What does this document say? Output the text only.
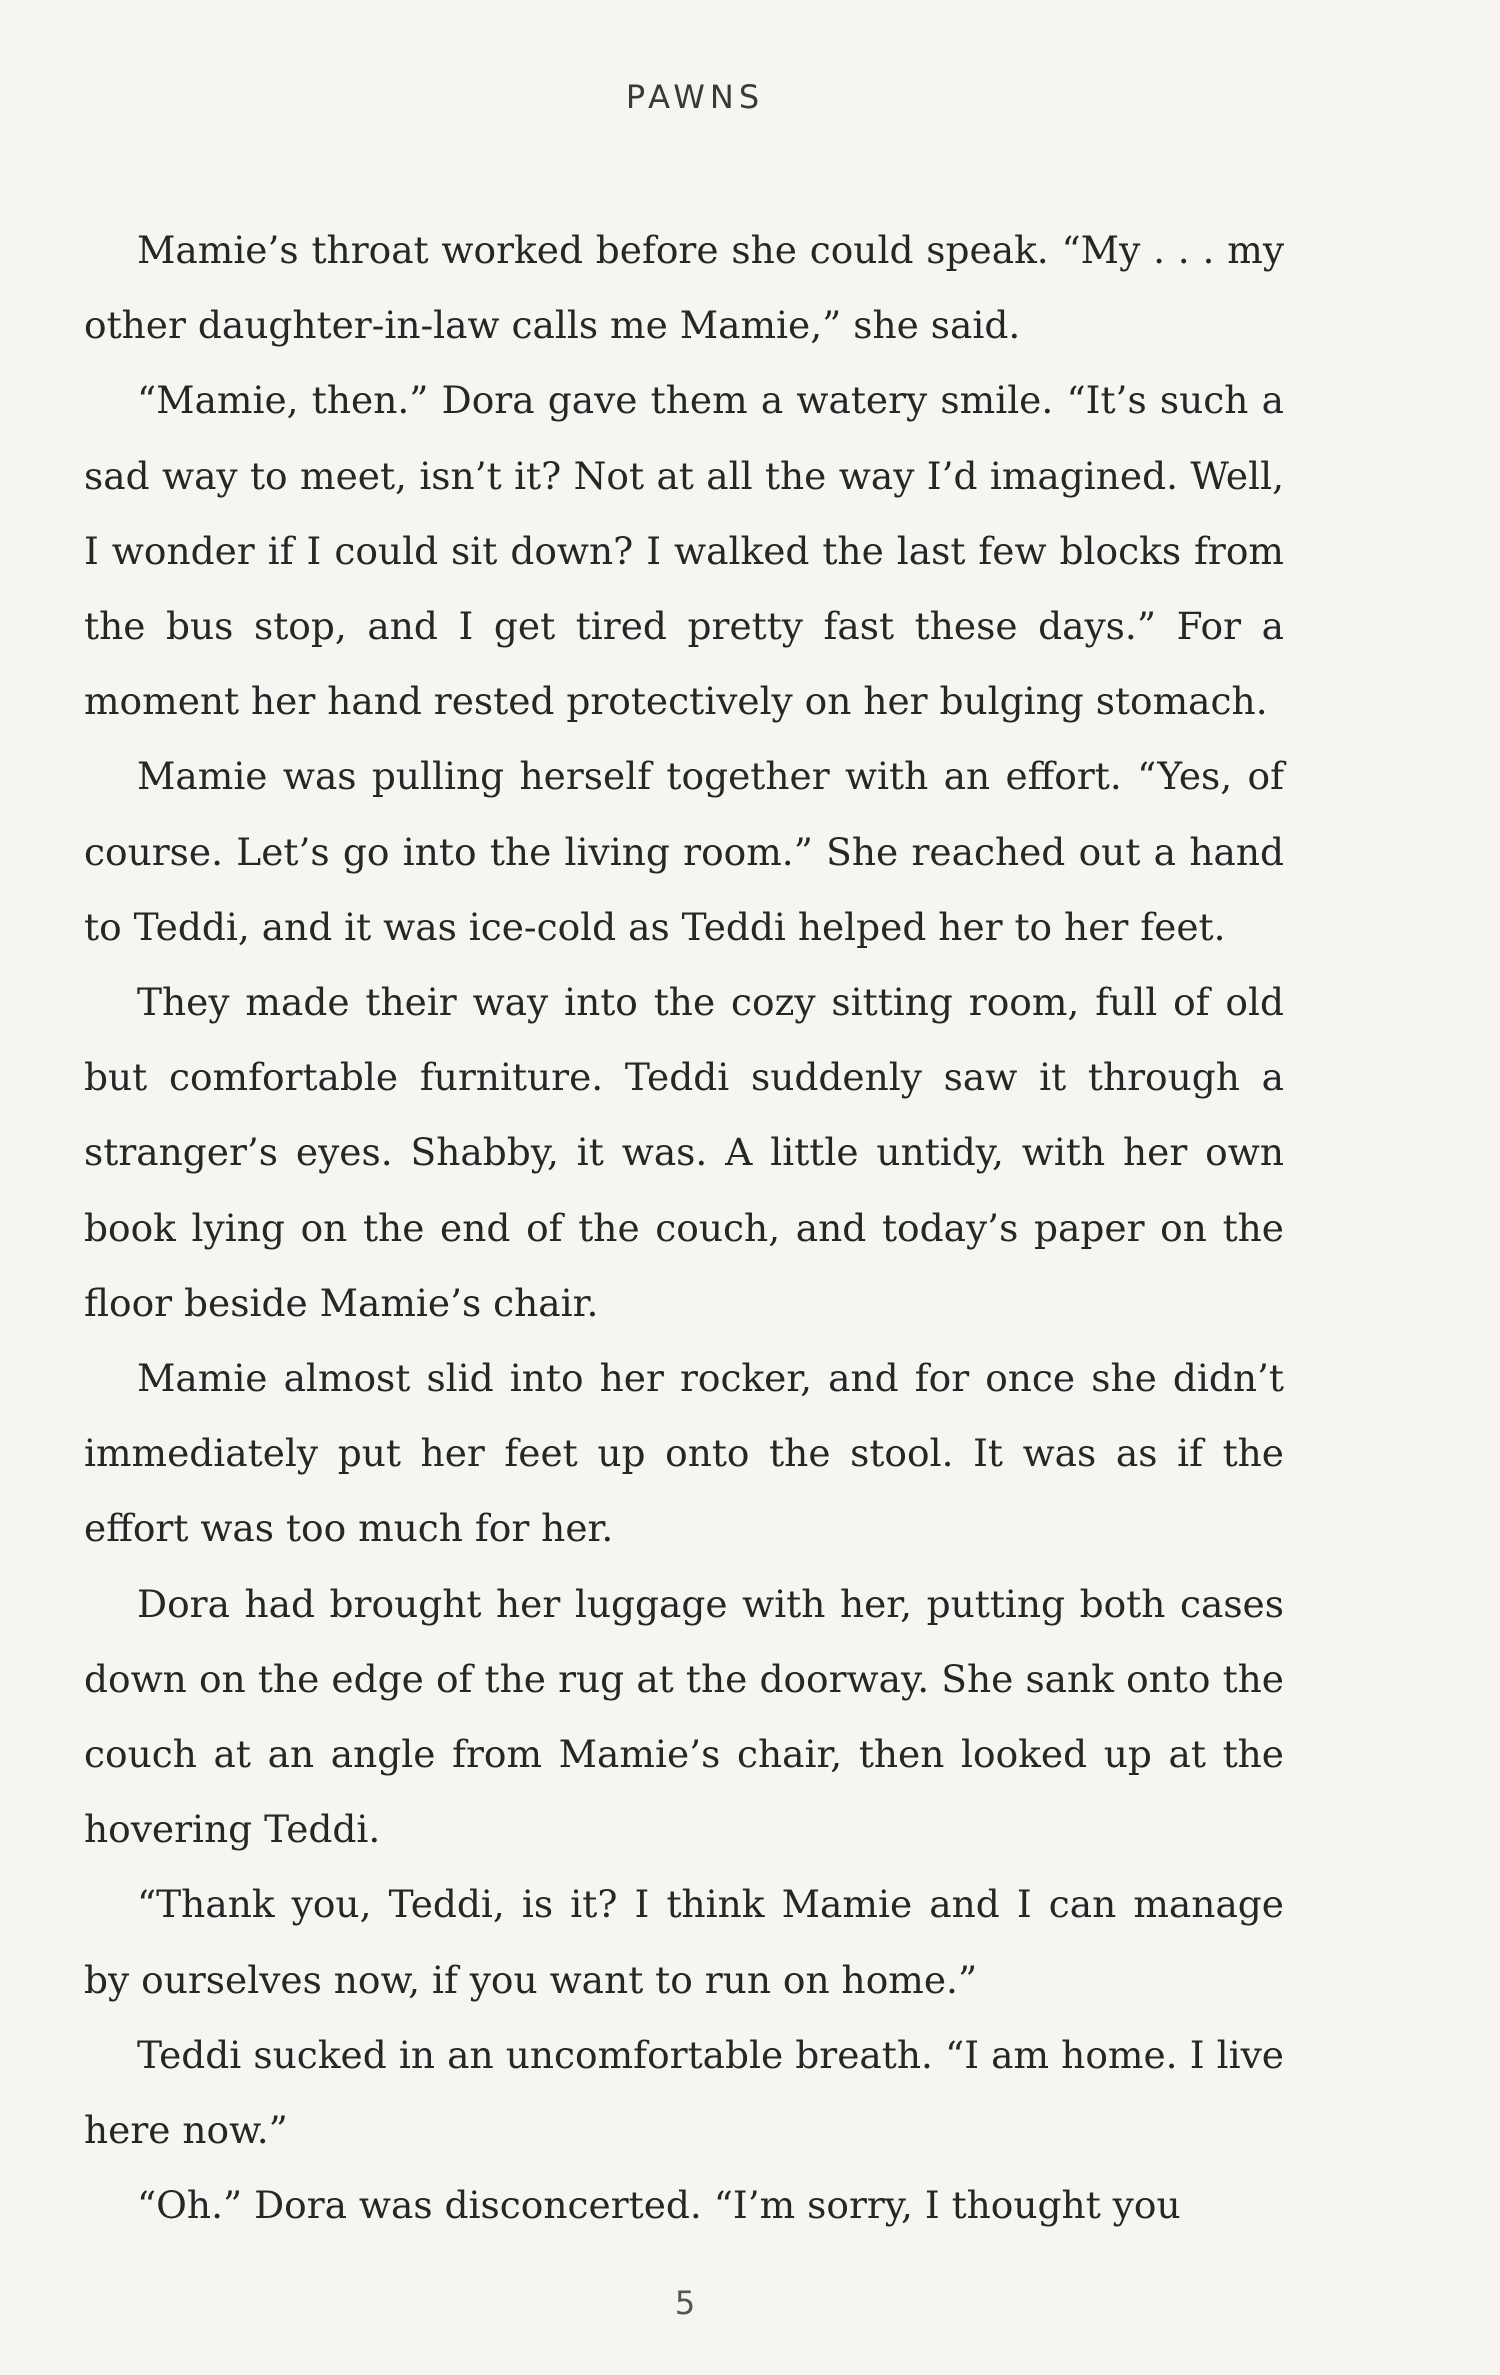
PAWNS

Mamie’s throat worked before she could speak. “My . . . my other daughter-in-law calls me Mamie,” she said.

“Mamie, then.” Dora gave them a watery smile. “It’s such a sad way to meet, isn’t it? Not at all the way I’d imagined. Well, I wonder if I could sit down? I walked the last few blocks from the bus stop, and I get tired pretty fast these days.” For a moment her hand rested protectively on her bulging stomach.

Mamie was pulling herself together with an effort. “Yes, of course. Let’s go into the living room.” She reached out a hand to Teddi, and it was ice-cold as Teddi helped her to her feet.

They made their way into the cozy sitting room, full of old but comfortable furniture. Teddi suddenly saw it through a stranger’s eyes. Shabby, it was. A little untidy, with her own book lying on the end of the couch, and today’s paper on the floor beside Mamie’s chair.

Mamie almost slid into her rocker, and for once she didn’t immediately put her feet up onto the stool. It was as if the effort was too much for her.

Dora had brought her luggage with her, putting both cases down on the edge of the rug at the doorway. She sank onto the couch at an angle from Mamie’s chair, then looked up at the hovering Teddi.

“Thank you, Teddi, is it? I think Mamie and I can manage by ourselves now, if you want to run on home.”

Teddi sucked in an uncomfortable breath. “I am home. I live here now.”

“Oh.” Dora was disconcerted. “I’m sorry, I thought you

5
